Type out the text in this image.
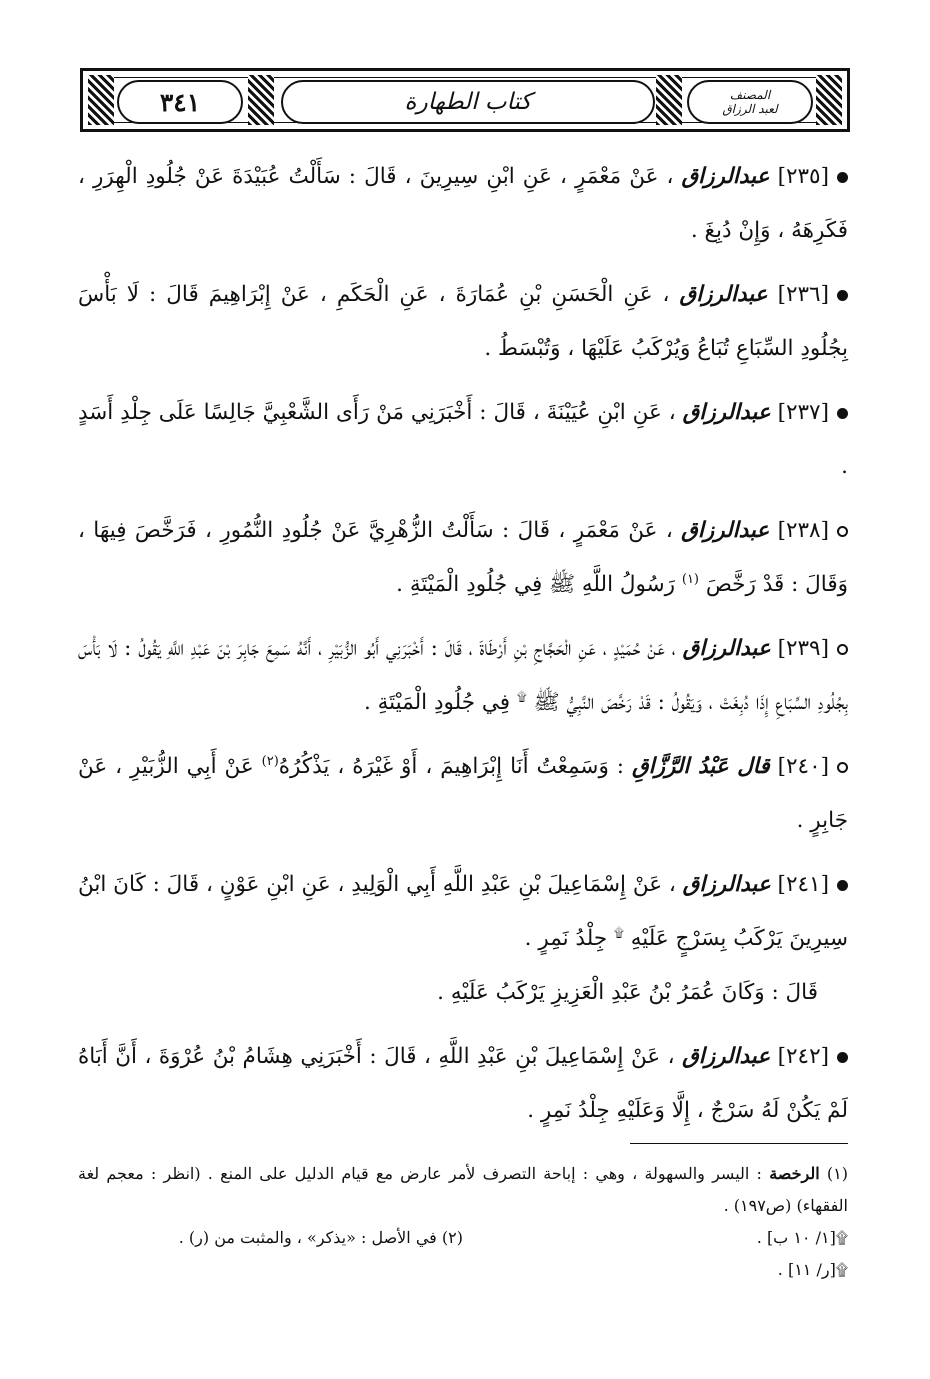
٣٤١	كتاب الطهارة	المصنف
لعبد الرزاق

[٢٣٥] عبدالرزاق ، عَنْ مَعْمَرٍ ، عَنِ ابْنِ سِيرِينَ ، قَالَ : سَأَلْتُ عُبَيْدَةَ عَنْ جُلُودِ الْهِرَرِ ، فَكَرِهَهُ ، وَإِنْ دُبِغَ .

[٢٣٦] عبدالرزاق ، عَنِ الْحَسَنِ بْنِ عُمَارَةَ ، عَنِ الْحَكَمِ ، عَنْ إِبْرَاهِيمَ قَالَ : لَا بَأْسَ بِجُلُودِ السِّبَاعِ تُبَاعُ وَيُرْكَبُ عَلَيْهَا ، وَتُبْسَطُ .

[٢٣٧] عبدالرزاق ، عَنِ ابْنِ عُيَيْنَةَ ، قَالَ : أَخْبَرَنِي مَنْ رَأَى الشَّعْبِيَّ جَالِسًا عَلَى جِلْدِ أَسَدٍ .

[٢٣٨] عبدالرزاق ، عَنْ مَعْمَرٍ ، قَالَ : سَأَلْتُ الزُّهْرِيَّ عَنْ جُلُودِ النُّمُورِ ، فَرَخَّصَ فِيهَا ، وَقَالَ : قَدْ رَخَّصَ $^{(١)}$ رَسُولُ اللَّهِ ﷺ فِي جُلُودِ الْمَيْتَةِ .

[٢٣٩] عبدالرزاق ، عَنْ حُمَيْدٍ ، عَنِ الْحَجَّاجِ بْنِ أَرْطَاةَ ، قَالَ : أَخْبَرَنِي أَبُو الزُّبَيْرِ ، أَنَّهُ سَمِعَ جَابِرَ بْنَ عَبْدِ اللَّهِ يَقُولُ : لَا بَأْسَ بِجُلُودِ السِّبَاعِ إِذَا دُبِغَتْ ، وَيَقُولُ : قَدْ رَخَّصَ النَّبِيُّ ﷺ ۩ فِي جُلُودِ الْمَيْتَةِ .

[٢٤٠] قال عَبْدُ الرَّزَّاقِ : وَسَمِعْتُ أَنَا إِبْرَاهِيمَ ، أَوْ غَيْرَهُ ، يَذْكُرُهُ$^{(٢)}$ عَنْ أَبِي الزُّبَيْرِ ، عَنْ جَابِرٍ .

[٢٤١] عبدالرزاق ، عَنْ إِسْمَاعِيلَ بْنِ عَبْدِ اللَّهِ أَبِي الْوَلِيدِ ، عَنِ ابْنِ عَوْنٍ ، قَالَ : كَانَ ابْنُ سِيرِينَ يَرْكَبُ بِسَرْجٍ عَلَيْهِ ۩ جِلْدُ نَمِرٍ .

قَالَ : وَكَانَ عُمَرُ بْنُ عَبْدِ الْعَزِيزِ يَرْكَبُ عَلَيْهِ .

[٢٤٢] عبدالرزاق ، عَنْ إِسْمَاعِيلَ بْنِ عَبْدِ اللَّهِ ، قَالَ : أَخْبَرَنِي هِشَامُ بْنُ عُرْوَةَ ، أَنَّ أَبَاهُ لَمْ يَكُنْ لَهُ سَرْجٌ ، إِلَّا وَعَلَيْهِ جِلْدُ نَمِرٍ .

(١) الرخصة : اليسر والسهولة ، وهي : إباحة التصرف لأمر عارض مع قيام الدليل على المنع . (انظر : معجم لغة الفقهاء) (ص١٩٧) .

۩[١/ ١٠ ب] .
(٢) في الأصل : «يذكر» ، والمثبت من (ر) .

۩[ر/ ١١] .
